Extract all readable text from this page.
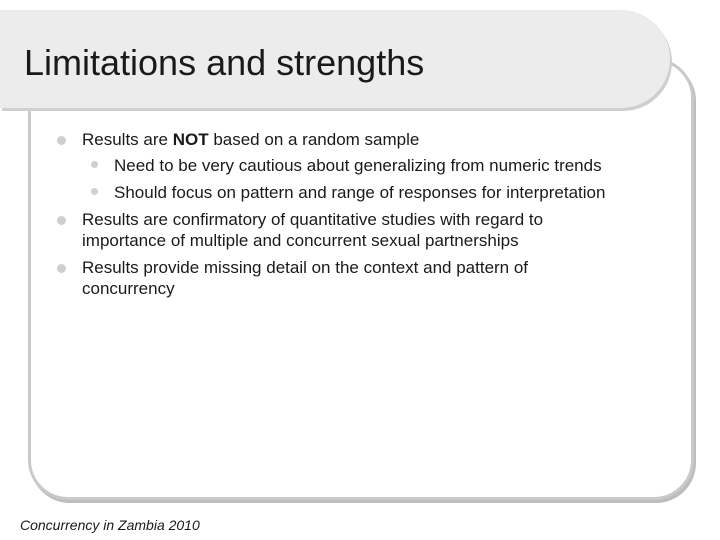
Limitations and strengths
Results are NOT based on a random sample
Need to be very cautious about generalizing from numeric trends
Should focus on pattern and range of responses for interpretation
Results are confirmatory of quantitative studies with regard to
importance of multiple and concurrent sexual partnerships
Results provide missing detail on the context and pattern of
concurrency
Concurrency in Zambia 2010
